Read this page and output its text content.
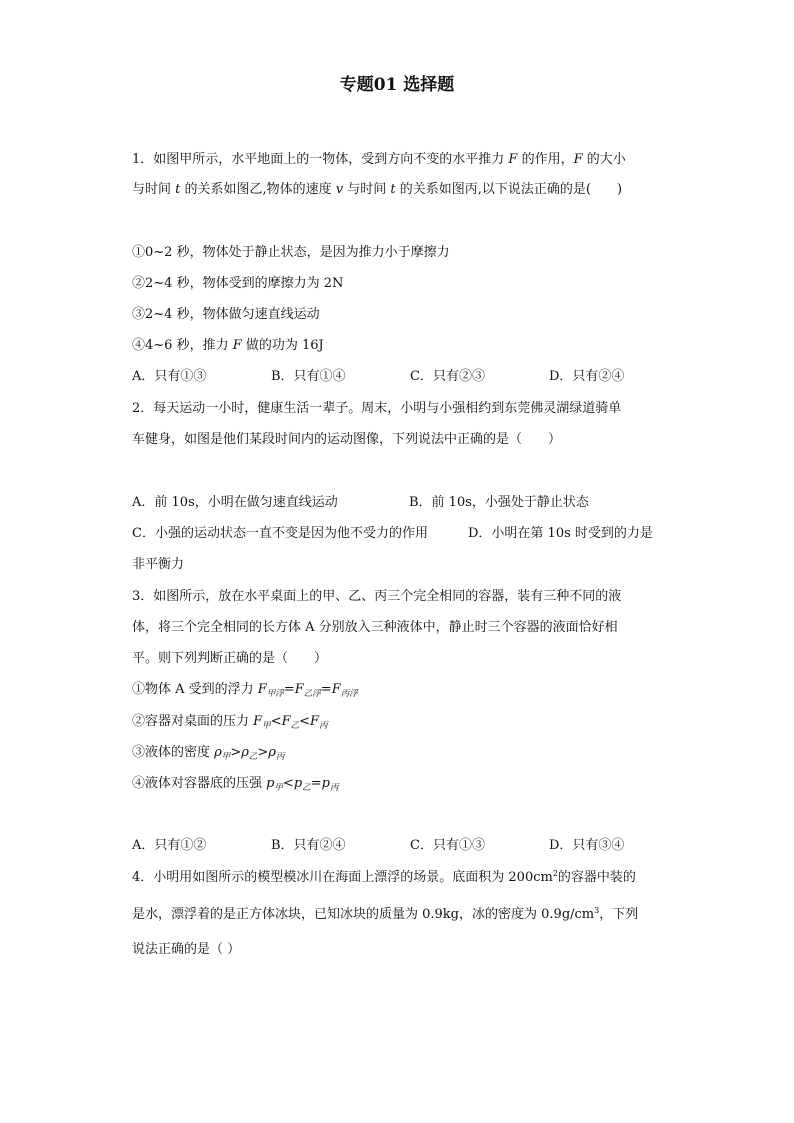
专题01 选择题
1．如图甲所示，水平地面上的一物体，受到方向不变的水平推力 F 的作用，F 的大小
与时间 t 的关系如图乙,物体的速度 v 与时间 t 的关系如图丙,以下说法正确的是(　　)
①0~2 秒，物体处于静止状态，是因为推力小于摩擦力
②2~4 秒，物体受到的摩擦力为 2N
③2~4 秒，物体做匀速直线运动
④4~6 秒，推力 F 做的功为 16J
A．只有①③	B．只有①④	C．只有②③	D．只有②④
2．每天运动一小时，健康生活一辈子。周末，小明与小强相约到东莞佛灵湖绿道骑单
车健身，如图是他们某段时间内的运动图像，下列说法中正确的是（　　）
A．前 10s，小明在做匀速直线运动	B．前 10s，小强处于静止状态
C．小强的运动状态一直不变是因为他不受力的作用	D．小明在第 10s 时受到的力是
非平衡力
3．如图所示，放在水平桌面上的甲、乙、丙三个完全相同的容器，装有三种不同的液
体，将三个完全相同的长方体 A 分别放入三种液体中，静止时三个容器的液面恰好相
平。则下列判断正确的是（　　）
①物体 A 受到的浮力 $F_{甲浮}=F_{乙浮}=F_{丙浮}$
②容器对桌面的压力 $F_甲<F_乙<F_丙$
③液体的密度 $\rho_甲>\rho_乙>\rho_丙$
④液体对容器底的压强 $p_甲<p_乙=p_丙$
A．只有①②	B．只有②④	C．只有①③	D．只有③④
4．小明用如图所示的模型模冰川在海面上漂浮的场景。底面积为 $200cm^2$的容器中装的
是水，漂浮着的是正方体冰块，已知冰块的质量为 0.9kg，冰的密度为 $0.9g/cm^3$，下列
说法正确的是（ ）
